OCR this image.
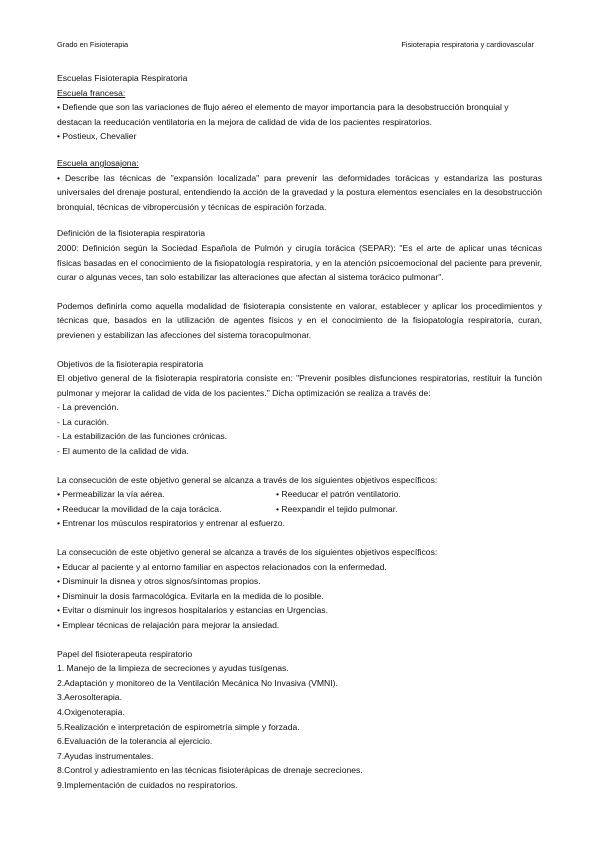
Grado en Fisioterapia	Fisioterapia respiratoria y cardiovascular

Escuelas Fisioterapia Respiratoria

Escuela francesa:

• Defiende que son las variaciones de flujo aéreo el elemento de mayor importancia para la desobstrucción bronquial y destacan la reeducación ventilatoria en la mejora de calidad de vida de los pacientes respiratorios.

• Postieux, Chevalier

Escuela anglosajona:

• Describe las técnicas de "expansión localizada" para prevenir las deformidades torácicas y estandariza las posturas universales del drenaje postural, entendiendo la acción de la gravedad y la postura elementos esenciales en la desobstrucción bronquial, técnicas de vibropercusión y técnicas de espiración forzada.

Definición de la fisioterapia respiratoria

2000: Definición según la Sociedad Española de Pulmón y cirugía torácica (SEPAR): "Es el arte de aplicar unas técnicas físicas basadas en el conocimiento de la fisiopatología respiratoria, y en la atención psicoemocional del paciente para prevenir, curar o algunas veces, tan solo estabilizar las alteraciones que afectan al sistema torácico pulmonar".

Podemos definirla como aquella modalidad de fisioterapia consistente en valorar, establecer y aplicar los procedimientos y técnicas que, basados en la utilización de agentes físicos y en el conocimiento de la fisiopatología respiratoria, curan, previenen y estabilizan las afecciones del sistema toracopulmonar.

Objetivos de la fisioterapia respiratoria

El objetivo general de la fisioterapia respiratoria consiste en: "Prevenir posibles disfunciones respiratorias, restituir la función pulmonar y mejorar la calidad de vida de los pacientes." Dicha optimización se realiza a través de:

- La prevención.
- La curación.
- La estabilización de las funciones crónicas.
- El aumento de la calidad de vida.

La consecución de este objetivo general se alcanza a través de los siguientes objetivos específicos:

• Permeabilizar la vía aérea.	• Reeducar el patrón ventilatorio.
• Reeducar la movilidad de la caja torácica.	• Reexpandir el tejido pulmonar.

• Entrenar los músculos respiratorios y entrenar al esfuerzo.

La consecución de este objetivo general se alcanza a través de los siguientes objetivos específicos:

• Educar al paciente y al entorno familiar en aspectos relacionados con la enfermedad.
• Disminuir la disnea y otros signos/síntomas propios.
• Disminuir la dosis farmacológica. Evitarla en la medida de lo posible.
• Evitar o disminuir los ingresos hospitalarios y estancias en Urgencias.
• Emplear técnicas de relajación para mejorar la ansiedad.

Papel del fisioterapeuta respiratorio

1. Manejo de la limpieza de secreciones y ayudas tusígenas.
2.Adaptación y monitoreo de la Ventilación Mecánica No Invasiva (VMNI).
3.Aerosolterapia.
4.Oxigenoterapia.
5.Realización e interpretación de espirometría simple y forzada.
6.Evaluación de la tolerancia al ejercicio.
7.Ayudas instrumentales.
8.Control y adiestramiento en las técnicas fisioterápicas de drenaje secreciones.
9.Implementación de cuidados no respiratorios.
